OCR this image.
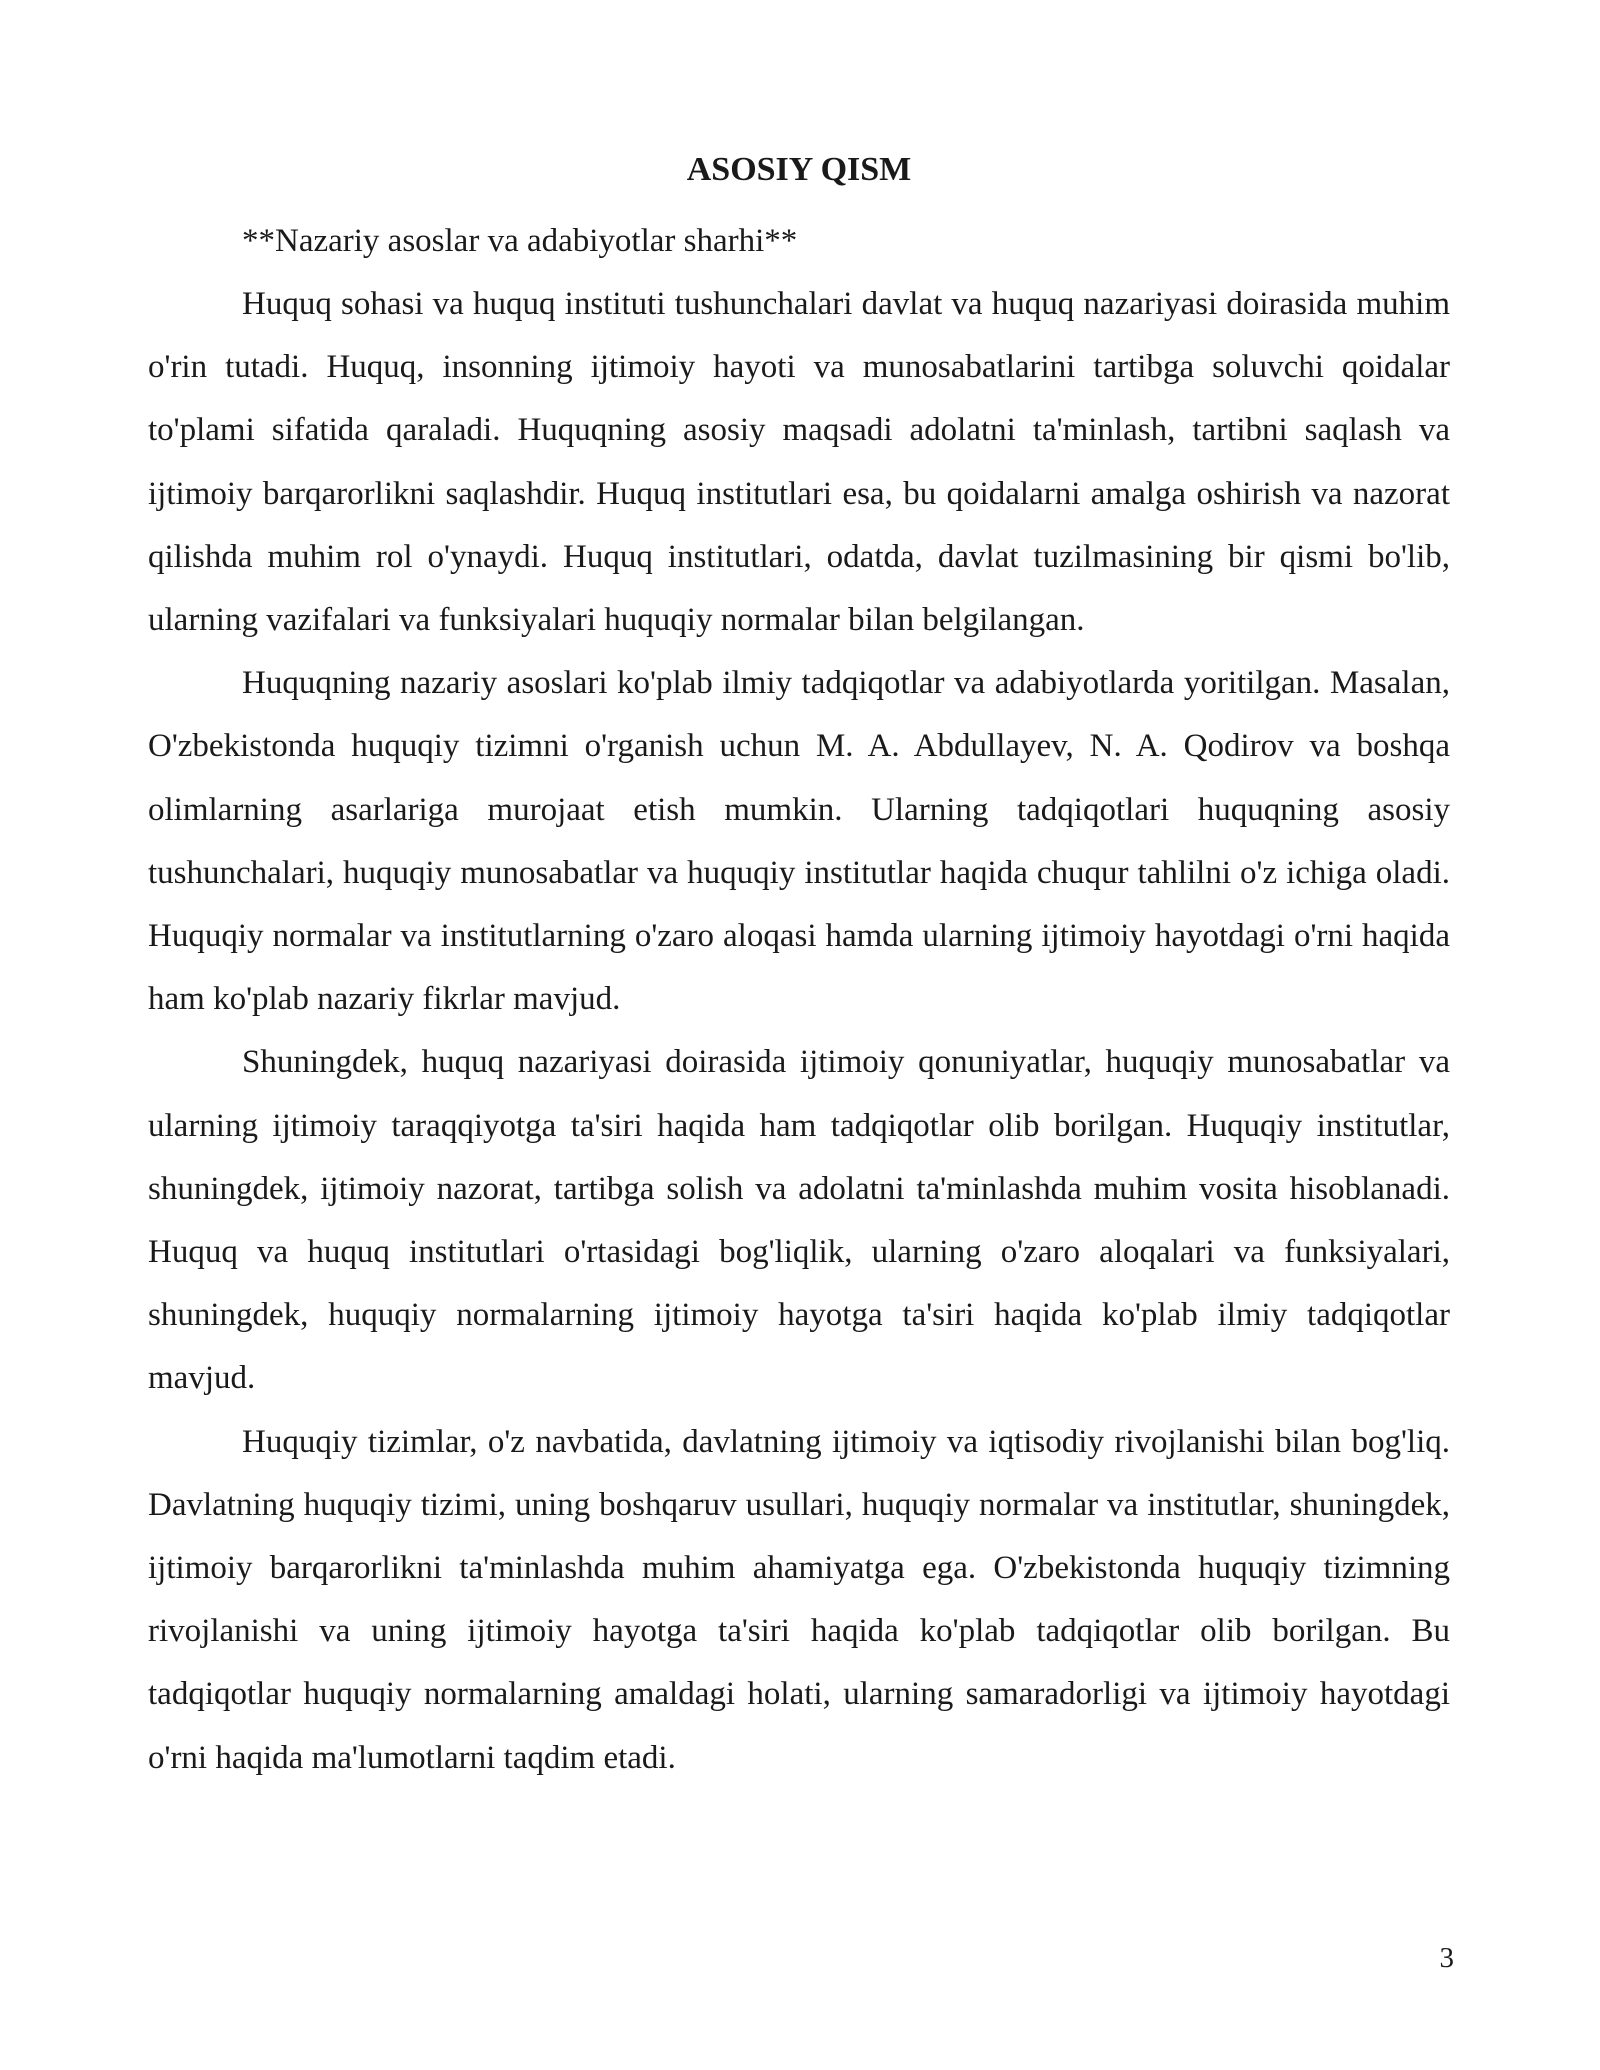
ASOSIY QISM

**Nazariy asoslar va adabiyotlar sharhi**

Huquq sohasi va huquq instituti tushunchalari davlat va huquq nazariyasi doirasida muhim o'rin tutadi. Huquq, insonning ijtimoiy hayoti va munosabatlarini tartibga soluvchi qoidalar to'plami sifatida qaraladi. Huquqning asosiy maqsadi adolatni ta'minlash, tartibni saqlash va ijtimoiy barqarorlikni saqlashdir. Huquq institutlari esa, bu qoidalarni amalga oshirish va nazorat qilishda muhim rol o'ynaydi. Huquq institutlari, odatda, davlat tuzilmasining bir qismi bo'lib, ularning vazifalari va funksiyalari huquqiy normalar bilan belgilangan.

Huquqning nazariy asoslari ko'plab ilmiy tadqiqotlar va adabiyotlarda yoritilgan. Masalan, O'zbekistonda huquqiy tizimni o'rganish uchun M. A. Abdullayev, N. A. Qodirov va boshqa olimlarning asarlariga murojaat etish mumkin. Ularning tadqiqotlari huquqning asosiy tushunchalari, huquqiy munosabatlar va huquqiy institutlar haqida chuqur tahlilni o'z ichiga oladi. Huquqiy normalar va institutlarning o'zaro aloqasi hamda ularning ijtimoiy hayotdagi o'rni haqida ham ko'plab nazariy fikrlar mavjud.

Shuningdek, huquq nazariyasi doirasida ijtimoiy qonuniyatlar, huquqiy munosabatlar va ularning ijtimoiy taraqqiyotga ta'siri haqida ham tadqiqotlar olib borilgan. Huquqiy institutlar, shuningdek, ijtimoiy nazorat, tartibga solish va adolatni ta'minlashda muhim vosita hisoblanadi. Huquq va huquq institutlari o'rtasidagi bog'liqlik, ularning o'zaro aloqalari va funksiyalari, shuningdek, huquqiy normalarning ijtimoiy hayotga ta'siri haqida ko'plab ilmiy tadqiqotlar mavjud.

Huquqiy tizimlar, o'z navbatida, davlatning ijtimoiy va iqtisodiy rivojlanishi bilan bog'liq. Davlatning huquqiy tizimi, uning boshqaruv usullari, huquqiy normalar va institutlar, shuningdek, ijtimoiy barqarorlikni ta'minlashda muhim ahamiyatga ega. O'zbekistonda huquqiy tizimning rivojlanishi va uning ijtimoiy hayotga ta'siri haqida ko'plab tadqiqotlar olib borilgan. Bu tadqiqotlar huquqiy normalarning amaldagi holati, ularning samaradorligi va ijtimoiy hayotdagi o'rni haqida ma'lumotlarni taqdim etadi.

3
